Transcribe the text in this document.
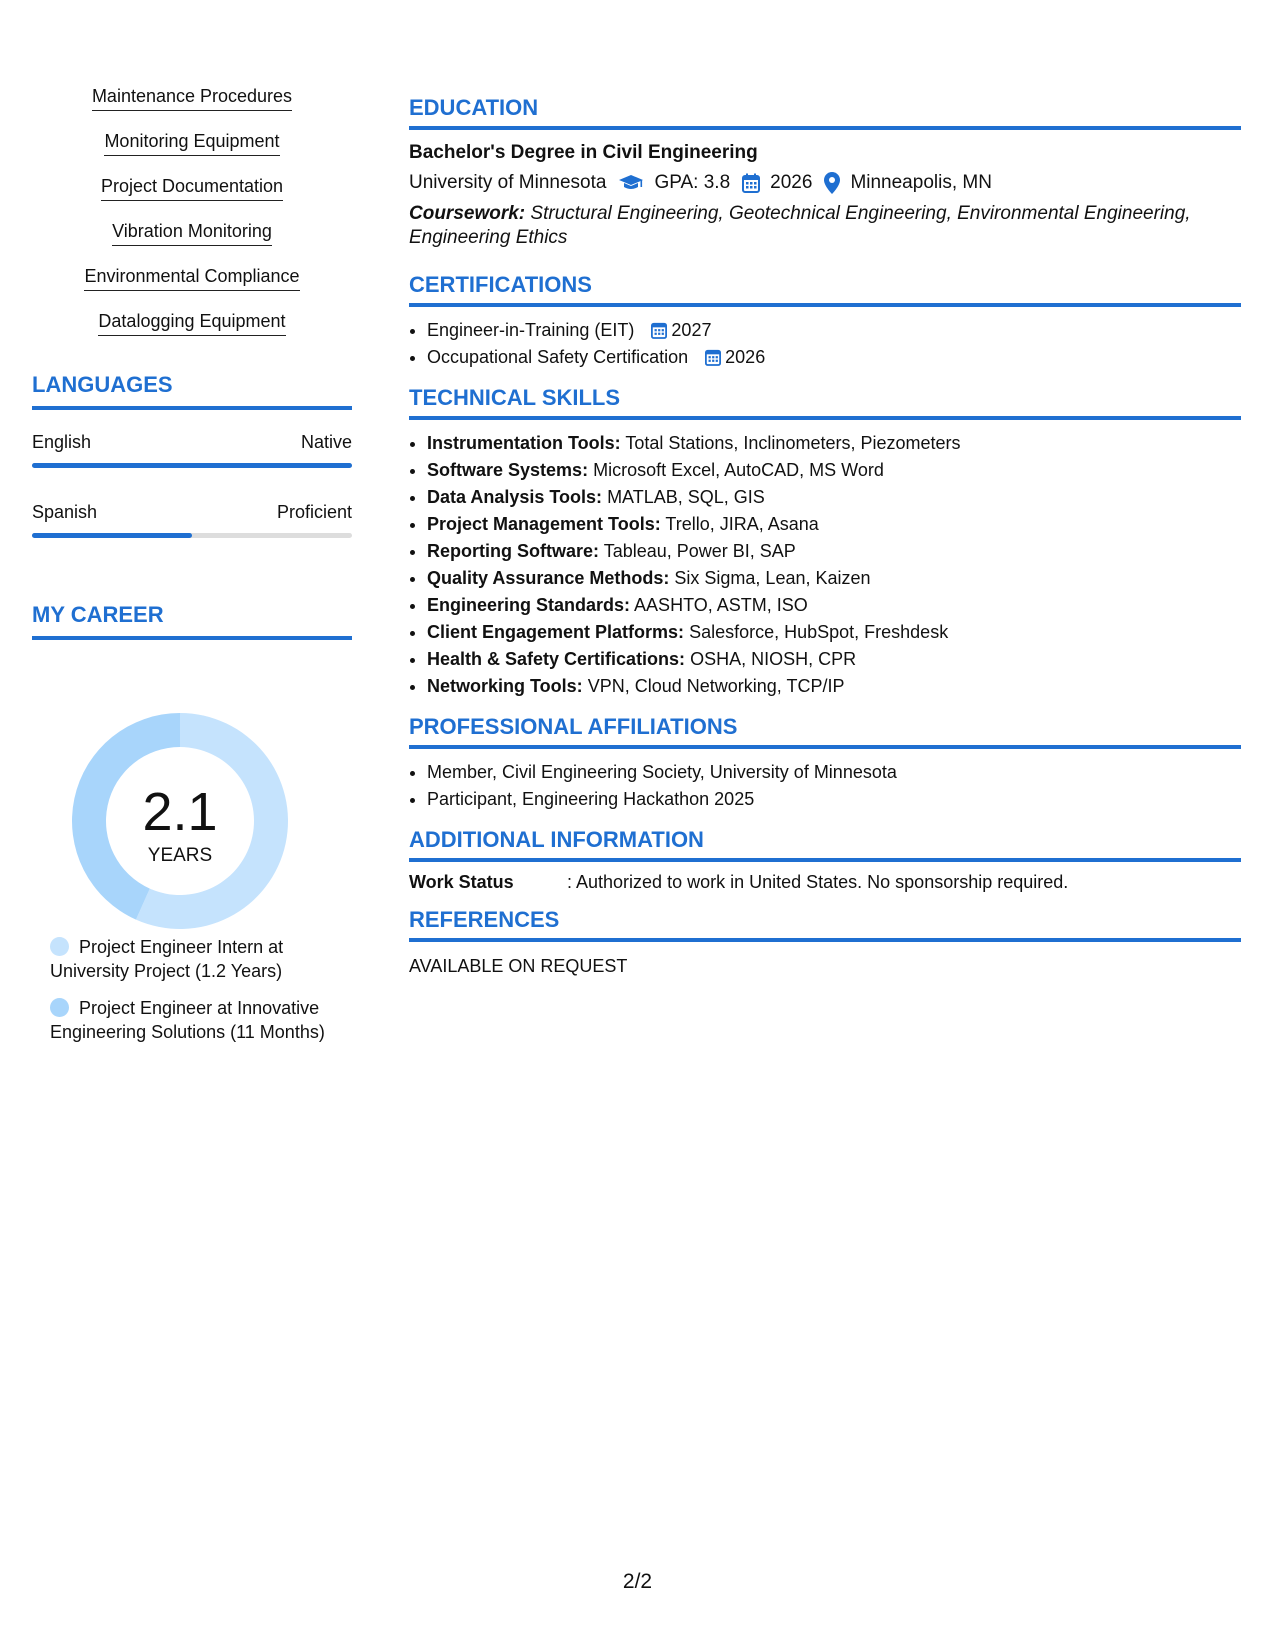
Maintenance Procedures
Monitoring Equipment
Project Documentation
Vibration Monitoring
Environmental Compliance
Datalogging Equipment
LANGUAGES
English	Native
Spanish	Proficient
MY CAREER
2.1
YEARS
Project Engineer Intern at University Project (1.2 Years)
Project Engineer at Innovative Engineering Solutions (11 Months)
EDUCATION
Bachelor's Degree in Civil Engineering
University of Minnesota	GPA: 3.8 2026 Minneapolis, MN
Coursework: Structural Engineering, Geotechnical Engineering, Environmental Engineering, Engineering Ethics
CERTIFICATIONS
• Engineer-in-Training (EIT) 2027
• Occupational Safety Certification 2026
TECHNICAL SKILLS
• Instrumentation Tools: Total Stations, Inclinometers, Piezometers
• Software Systems: Microsoft Excel, AutoCAD, MS Word
• Data Analysis Tools: MATLAB, SQL, GIS
• Project Management Tools: Trello, JIRA, Asana
• Reporting Software: Tableau, Power BI, SAP
• Quality Assurance Methods: Six Sigma, Lean, Kaizen
• Engineering Standards: AASHTO, ASTM, ISO
• Client Engagement Platforms: Salesforce, HubSpot, Freshdesk
• Health & Safety Certifications: OSHA, NIOSH, CPR
• Networking Tools: VPN, Cloud Networking, TCP/IP
PROFESSIONAL AFFILIATIONS
• Member, Civil Engineering Society, University of Minnesota
• Participant, Engineering Hackathon 2025
ADDITIONAL INFORMATION
Work Status	: Authorized to work in United States. No sponsorship required.
REFERENCES
AVAILABLE ON REQUEST
2/2
